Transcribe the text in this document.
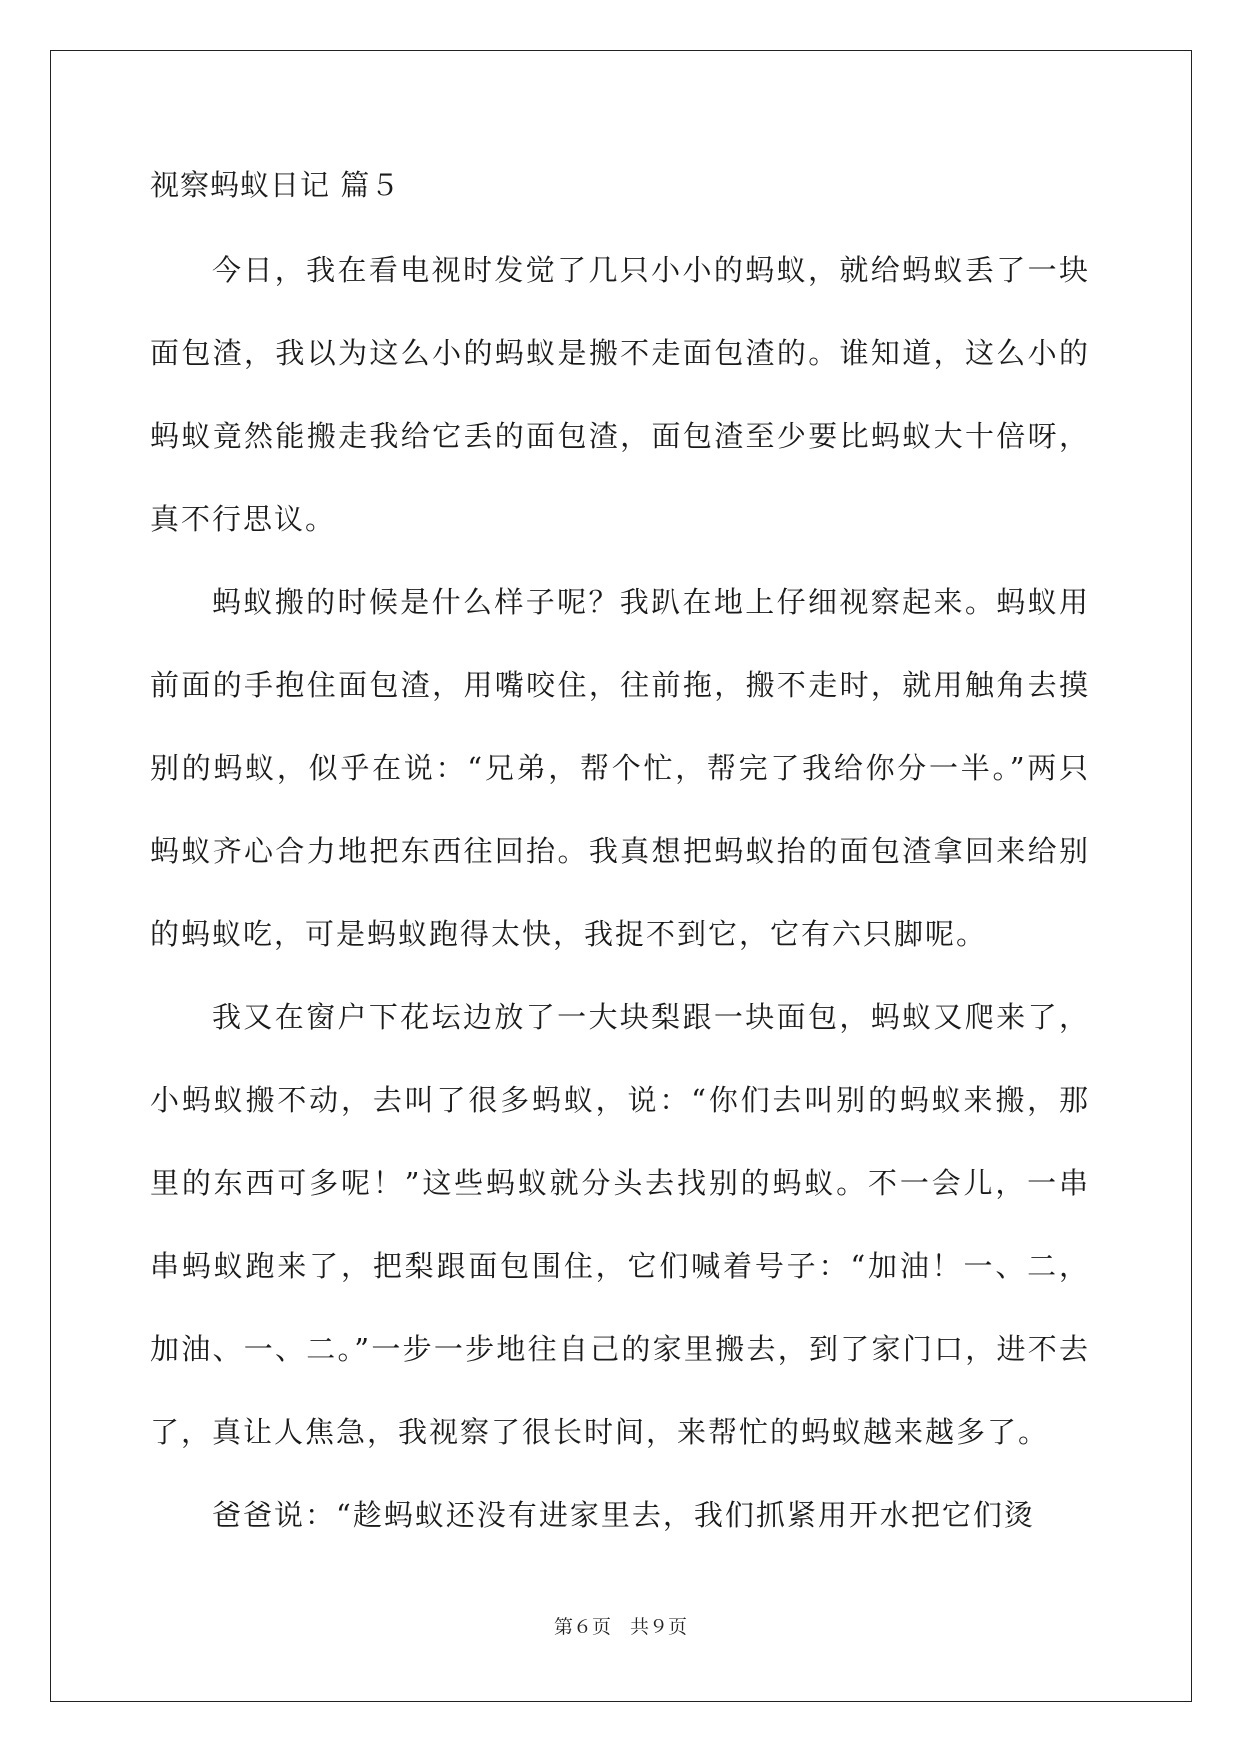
视察蚂蚁日记 篇５

今日，我在看电视时发觉了几只小小的蚂蚁，就给蚂蚁丢了一块面包渣，我以为这么小的蚂蚁是搬不走面包渣的。谁知道，这么小的蚂蚁竟然能搬走我给它丢的面包渣，面包渣至少要比蚂蚁大十倍呀，真不行思议。

蚂蚁搬的时候是什么样子呢？我趴在地上仔细视察起来。蚂蚁用前面的手抱住面包渣，用嘴咬住，往前拖，搬不走时，就用触角去摸别的蚂蚁，似乎在说：“兄弟，帮个忙，帮完了我给你分一半。”两只蚂蚁齐心合力地把东西往回抬。我真想把蚂蚁抬的面包渣拿回来给别的蚂蚁吃，可是蚂蚁跑得太快，我捉不到它，它有六只脚呢。

我又在窗户下花坛边放了一大块梨跟一块面包，蚂蚁又爬来了，小蚂蚁搬不动，去叫了很多蚂蚁，说：“你们去叫别的蚂蚁来搬，那里的东西可多呢！”这些蚂蚁就分头去找别的蚂蚁。不一会儿，一串串蚂蚁跑来了，把梨跟面包围住，它们喊着号子：“加油！一、二，加油、一、二。”一步一步地往自己的家里搬去，到了家门口，进不去了，真让人焦急，我视察了很长时间，来帮忙的蚂蚁越来越多了。

爸爸说：“趁蚂蚁还没有进家里去，我们抓紧用开水把它们烫

第６页　共９页
